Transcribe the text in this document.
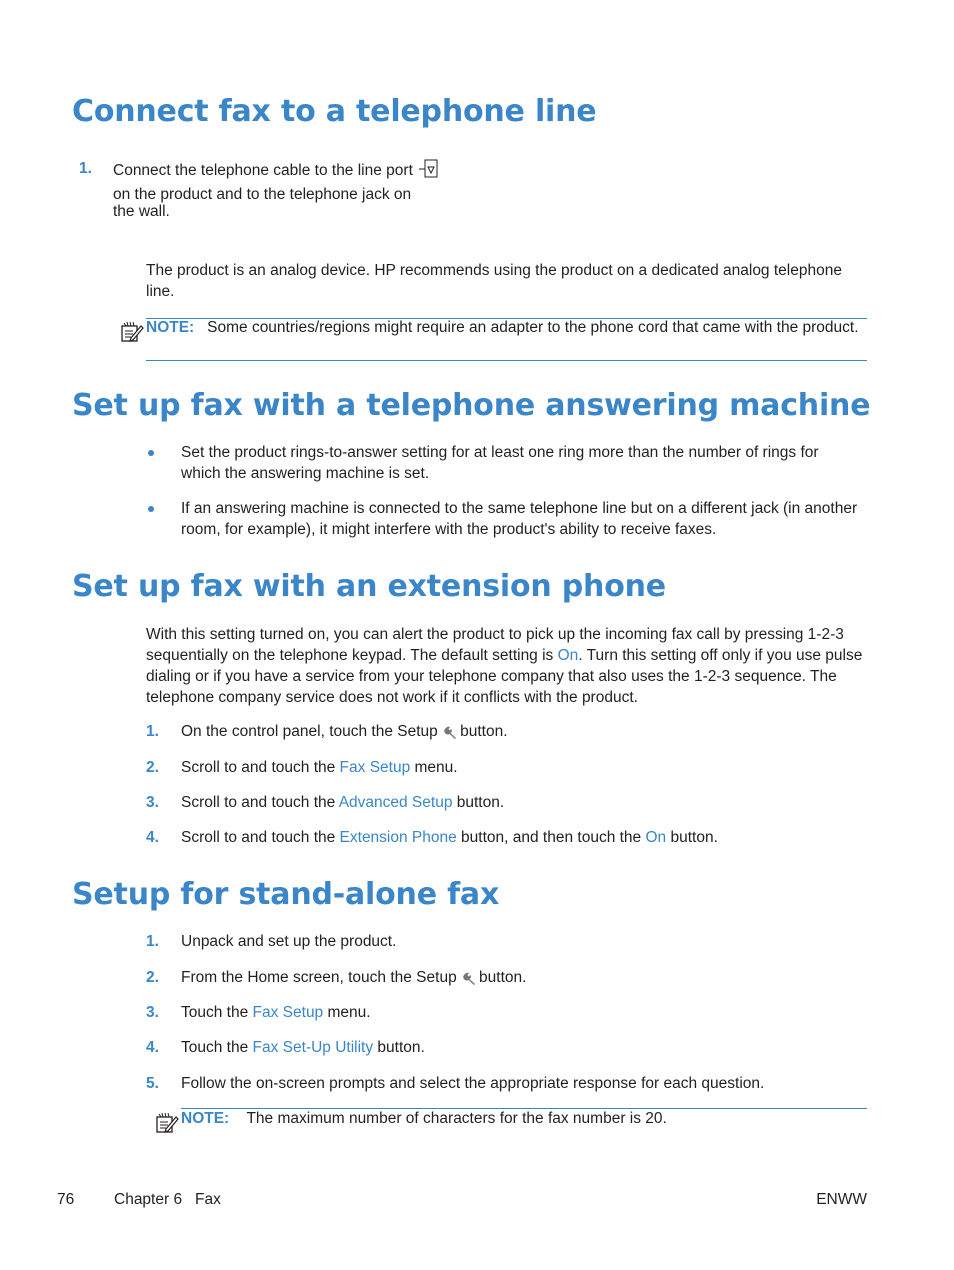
Connect fax to a telephone line
1. Connect the telephone cable to the line port
on the product and to the telephone jack on
the wall.

The product is an analog device. HP recommends using the product on a dedicated analog telephone line.

NOTE: Some countries/regions might require an adapter to the phone cord that came with the product.

Set up fax with a telephone answering machine

Set the product rings-to-answer setting for at least one ring more than the number of rings for which the answering machine is set.

If an answering machine is connected to the same telephone line but on a different jack (in another room, for example), it might interfere with the product's ability to receive faxes.

Set up fax with an extension phone

With this setting turned on, you can alert the product to pick up the incoming fax call by pressing 1-2-3 sequentially on the telephone keypad. The default setting is On. Turn this setting off only if you use pulse dialing or if you have a service from your telephone company that also uses the 1-2-3 sequence. The telephone company service does not work if it conflicts with the product.

1. On the control panel, touch the Setup button.

2. Scroll to and touch the Fax Setup menu.

3. Scroll to and touch the Advanced Setup button.

4. Scroll to and touch the Extension Phone button, and then touch the On button.

Setup for stand-alone fax
1. Unpack and set up the product.

2. From the Home screen, touch the Setup button.

3. Touch the Fax Setup menu.

4. Touch the Fax Set-Up Utility button.

5. Follow the on-screen prompts and select the appropriate response for each question.

NOTE: The maximum number of characters for the fax number is 20.

76	Chapter 6   Fax	ENWW
